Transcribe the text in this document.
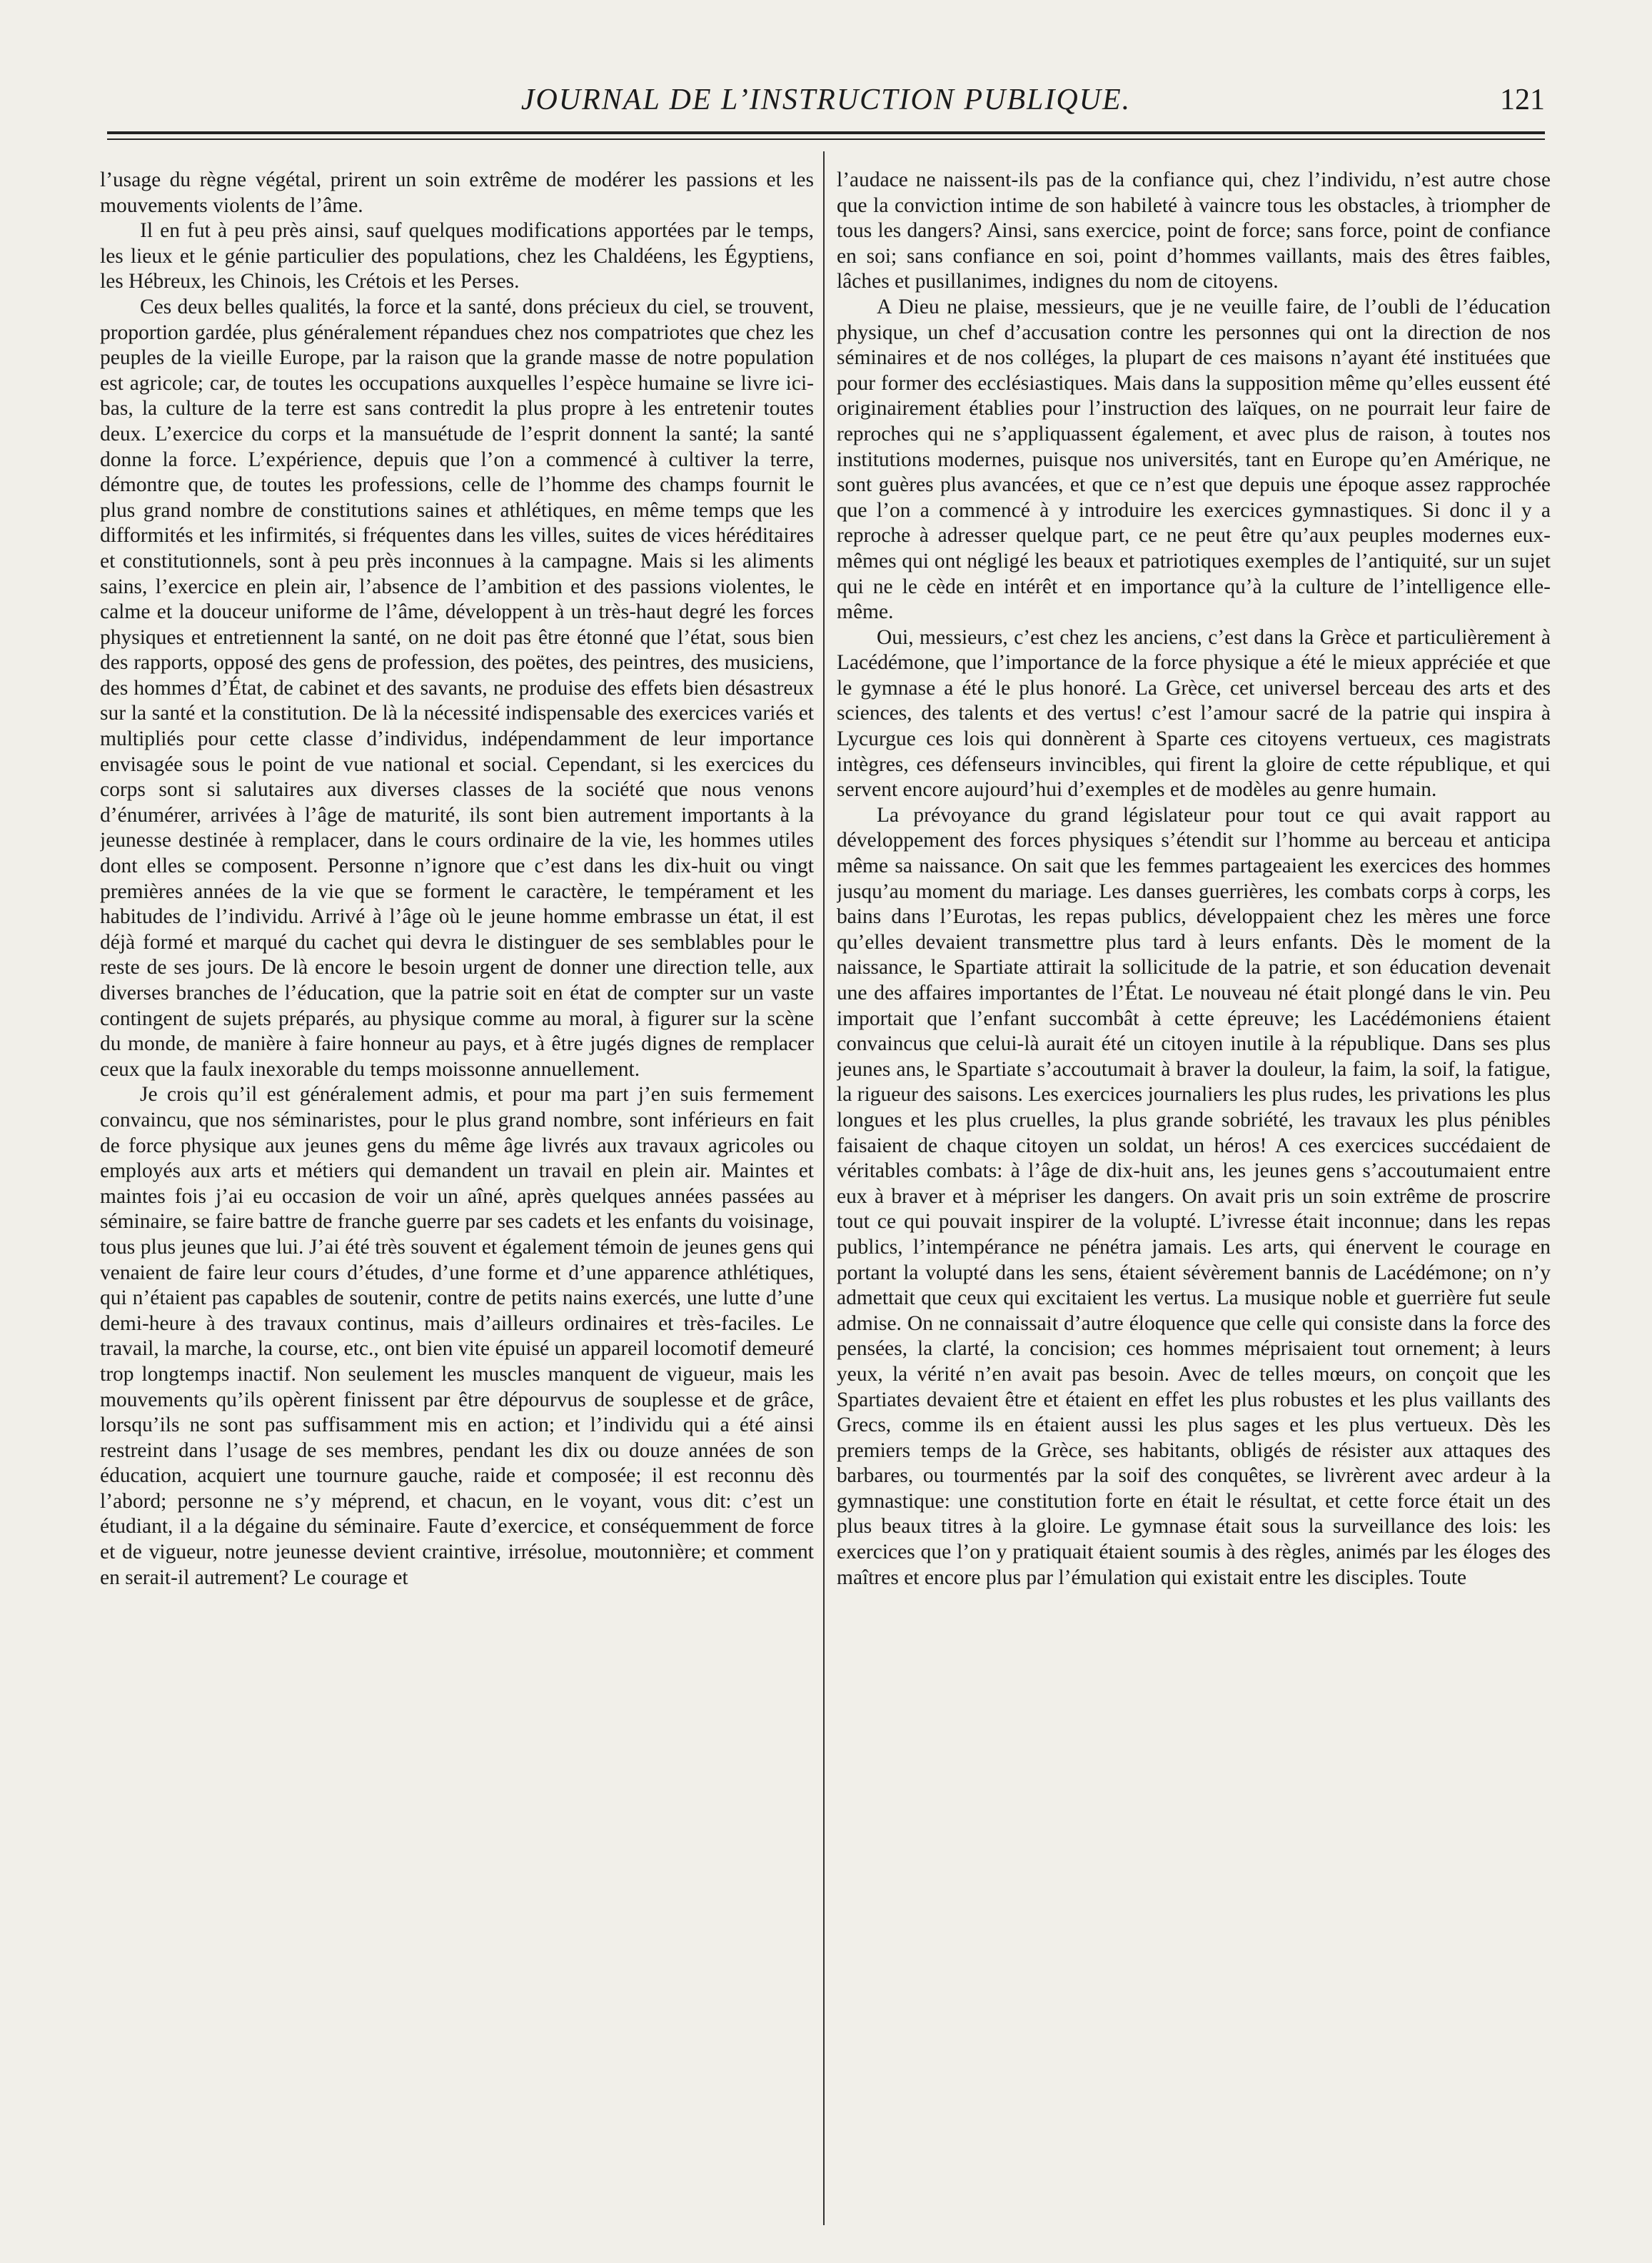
JOURNAL DE L’INSTRUCTION PUBLIQUE.	121

l’usage du règne végétal, prirent un soin extrême de modérer les passions et les mouvements violents de l’âme.

Il en fut à peu près ainsi, sauf quelques modifications apportées par le temps, les lieux et le génie particulier des populations, chez les Chaldéens, les Égyptiens, les Hébreux, les Chinois, les Crétois et les Perses.

Ces deux belles qualités, la force et la santé, dons précieux du ciel, se trouvent, proportion gardée, plus généralement répandues chez nos compatriotes que chez les peuples de la vieille Europe, par la raison que la grande masse de notre population est agricole; car, de toutes les occupations auxquelles l’espèce humaine se livre ici-bas, la culture de la terre est sans contredit la plus propre à les entretenir toutes deux. L’exercice du corps et la mansuétude de l’esprit donnent la santé; la santé donne la force. L’expérience, depuis que l’on a commencé à cultiver la terre, démontre que, de toutes les professions, celle de l’homme des champs fournit le plus grand nombre de constitutions saines et athlétiques, en même temps que les difformités et les infirmités, si fréquentes dans les villes, suites de vices héréditaires et constitutionnels, sont à peu près inconnues à la campagne. Mais si les aliments sains, l’exercice en plein air, l’absence de l’ambition et des passions violentes, le calme et la douceur uniforme de l’âme, développent à un très-haut degré les forces physiques et entretiennent la santé, on ne doit pas être étonné que l’état, sous bien des rapports, opposé des gens de profession, des poëtes, des peintres, des musiciens, des hommes d’État, de cabinet et des savants, ne produise des effets bien désastreux sur la santé et la constitution. De là la nécessité indispensable des exercices variés et multipliés pour cette classe d’individus, indépendamment de leur importance envisagée sous le point de vue national et social. Cependant, si les exercices du corps sont si salutaires aux diverses classes de la société que nous venons d’énumérer, arrivées à l’âge de maturité, ils sont bien autrement importants à la jeunesse destinée à remplacer, dans le cours ordinaire de la vie, les hommes utiles dont elles se composent. Personne n’ignore que c’est dans les dix-huit ou vingt premières années de la vie que se forment le caractère, le tempérament et les habitudes de l’individu. Arrivé à l’âge où le jeune homme embrasse un état, il est déjà formé et marqué du cachet qui devra le distinguer de ses semblables pour le reste de ses jours. De là encore le besoin urgent de donner une direction telle, aux diverses branches de l’éducation, que la patrie soit en état de compter sur un vaste contingent de sujets préparés, au physique comme au moral, à figurer sur la scène du monde, de manière à faire honneur au pays, et à être jugés dignes de remplacer ceux que la faulx inexorable du temps moissonne annuellement.

Je crois qu’il est généralement admis, et pour ma part j’en suis fermement convaincu, que nos séminaristes, pour le plus grand nombre, sont inférieurs en fait de force physique aux jeunes gens du même âge livrés aux travaux agricoles ou employés aux arts et métiers qui demandent un travail en plein air. Maintes et maintes fois j’ai eu occasion de voir un aîné, après quelques années passées au séminaire, se faire battre de franche guerre par ses cadets et les enfants du voisinage, tous plus jeunes que lui. J’ai été très souvent et également témoin de jeunes gens qui venaient de faire leur cours d’études, d’une forme et d’une apparence athlétiques, qui n’étaient pas capables de soutenir, contre de petits nains exercés, une lutte d’une demi-heure à des travaux continus, mais d’ailleurs ordinaires et très-faciles. Le travail, la marche, la course, etc., ont bien vite épuisé un appareil locomotif demeuré trop longtemps inactif. Non seulement les muscles manquent de vigueur, mais les mouvements qu’ils opèrent finissent par être dépourvus de souplesse et de grâce, lorsqu’ils ne sont pas suffisamment mis en action; et l’individu qui a été ainsi restreint dans l’usage de ses membres, pendant les dix ou douze années de son éducation, acquiert une tournure gauche, raide et composée; il est reconnu dès l’abord; personne ne s’y méprend, et chacun, en le voyant, vous dit: c’est un étudiant, il a la dégaine du séminaire. Faute d’exercice, et conséquemment de force et de vigueur, notre jeunesse devient craintive, irrésolue, moutonnière; et comment en serait-il autrement? Le courage et

l’audace ne naissent-ils pas de la confiance qui, chez l’individu, n’est autre chose que la conviction intime de son habileté à vaincre tous les obstacles, à triompher de tous les dangers? Ainsi, sans exercice, point de force; sans force, point de confiance en soi; sans confiance en soi, point d’hommes vaillants, mais des êtres faibles, lâches et pusillanimes, indignes du nom de citoyens.

A Dieu ne plaise, messieurs, que je ne veuille faire, de l’oubli de l’éducation physique, un chef d’accusation contre les personnes qui ont la direction de nos séminaires et de nos colléges, la plupart de ces maisons n’ayant été instituées que pour former des ecclésiastiques. Mais dans la supposition même qu’elles eussent été originairement établies pour l’instruction des laïques, on ne pourrait leur faire de reproches qui ne s’appliquassent également, et avec plus de raison, à toutes nos institutions modernes, puisque nos universités, tant en Europe qu’en Amérique, ne sont guères plus avancées, et que ce n’est que depuis une époque assez rapprochée que l’on a commencé à y introduire les exercices gymnastiques. Si donc il y a reproche à adresser quelque part, ce ne peut être qu’aux peuples modernes eux-mêmes qui ont négligé les beaux et patriotiques exemples de l’antiquité, sur un sujet qui ne le cède en intérêt et en importance qu’à la culture de l’intelligence elle-même.

Oui, messieurs, c’est chez les anciens, c’est dans la Grèce et particulièrement à Lacédémone, que l’importance de la force physique a été le mieux appréciée et que le gymnase a été le plus honoré. La Grèce, cet universel berceau des arts et des sciences, des talents et des vertus! c’est l’amour sacré de la patrie qui inspira à Lycurgue ces lois qui donnèrent à Sparte ces citoyens vertueux, ces magistrats intègres, ces défenseurs invincibles, qui firent la gloire de cette république, et qui servent encore aujourd’hui d’exemples et de modèles au genre humain.

La prévoyance du grand législateur pour tout ce qui avait rapport au développement des forces physiques s’étendit sur l’homme au berceau et anticipa même sa naissance. On sait que les femmes partageaient les exercices des hommes jusqu’au moment du mariage. Les danses guerrières, les combats corps à corps, les bains dans l’Eurotas, les repas publics, développaient chez les mères une force qu’elles devaient transmettre plus tard à leurs enfants. Dès le moment de la naissance, le Spartiate attirait la sollicitude de la patrie, et son éducation devenait une des affaires importantes de l’État. Le nouveau né était plongé dans le vin. Peu importait que l’enfant succombât à cette épreuve; les Lacédémoniens étaient convaincus que celui-là aurait été un citoyen inutile à la république. Dans ses plus jeunes ans, le Spartiate s’accoutumait à braver la douleur, la faim, la soif, la fatigue, la rigueur des saisons. Les exercices journaliers les plus rudes, les privations les plus longues et les plus cruelles, la plus grande sobriété, les travaux les plus pénibles faisaient de chaque citoyen un soldat, un héros! A ces exercices succédaient de véritables combats: à l’âge de dix-huit ans, les jeunes gens s’accoutumaient entre eux à braver et à mépriser les dangers. On avait pris un soin extrême de proscrire tout ce qui pouvait inspirer de la volupté. L’ivresse était inconnue; dans les repas publics, l’intempérance ne pénétra jamais. Les arts, qui énervent le courage en portant la volupté dans les sens, étaient sévèrement bannis de Lacédémone; on n’y admettait que ceux qui excitaient les vertus. La musique noble et guerrière fut seule admise. On ne connaissait d’autre éloquence que celle qui consiste dans la force des pensées, la clarté, la concision; ces hommes méprisaient tout ornement; à leurs yeux, la vérité n’en avait pas besoin. Avec de telles mœurs, on conçoit que les Spartiates devaient être et étaient en effet les plus robustes et les plus vaillants des Grecs, comme ils en étaient aussi les plus sages et les plus vertueux. Dès les premiers temps de la Grèce, ses habitants, obligés de résister aux attaques des barbares, ou tourmentés par la soif des conquêtes, se livrèrent avec ardeur à la gymnastique: une constitution forte en était le résultat, et cette force était un des plus beaux titres à la gloire. Le gymnase était sous la surveillance des lois: les exercices que l’on y pratiquait étaient soumis à des règles, animés par les éloges des maîtres et encore plus par l’émulation qui existait entre les disciples. Toute
